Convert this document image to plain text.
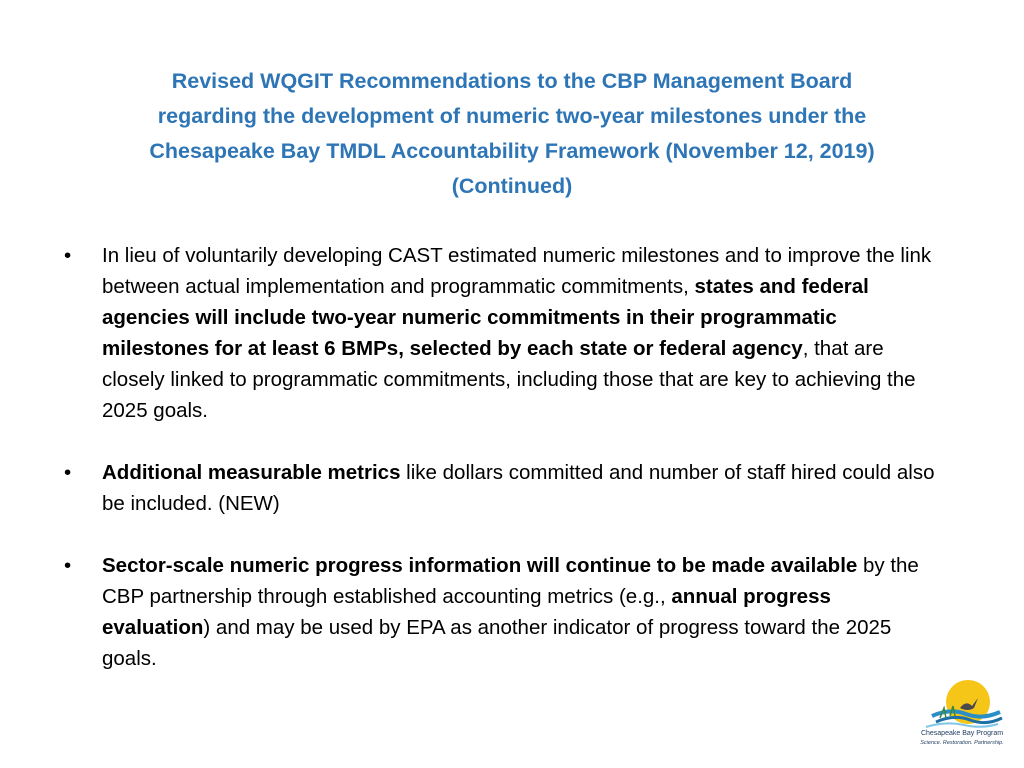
Revised WQGIT Recommendations to the CBP Management Board
regarding the development of numeric two-year milestones under the
Chesapeake Bay TMDL Accountability Framework (November 12, 2019)
(Continued)
•	In lieu of voluntarily developing CAST estimated numeric milestones and to improve the link between actual implementation and programmatic commitments, states and federal agencies will include two-year numeric commitments in their programmatic milestones for at least 6 BMPs, selected by each state or federal agency, that are closely linked to programmatic commitments, including those that are key to achieving the 2025 goals.
•	Additional measurable metrics like dollars committed and number of staff hired could also be included. (NEW)
•	Sector-scale numeric progress information will continue to be made available by the CBP partnership through established accounting metrics (e.g., annual progress evaluation) and may be used by EPA as another indicator of progress toward the 2025 goals.
Chesapeake Bay Program
Science. Restoration. Partnership.
